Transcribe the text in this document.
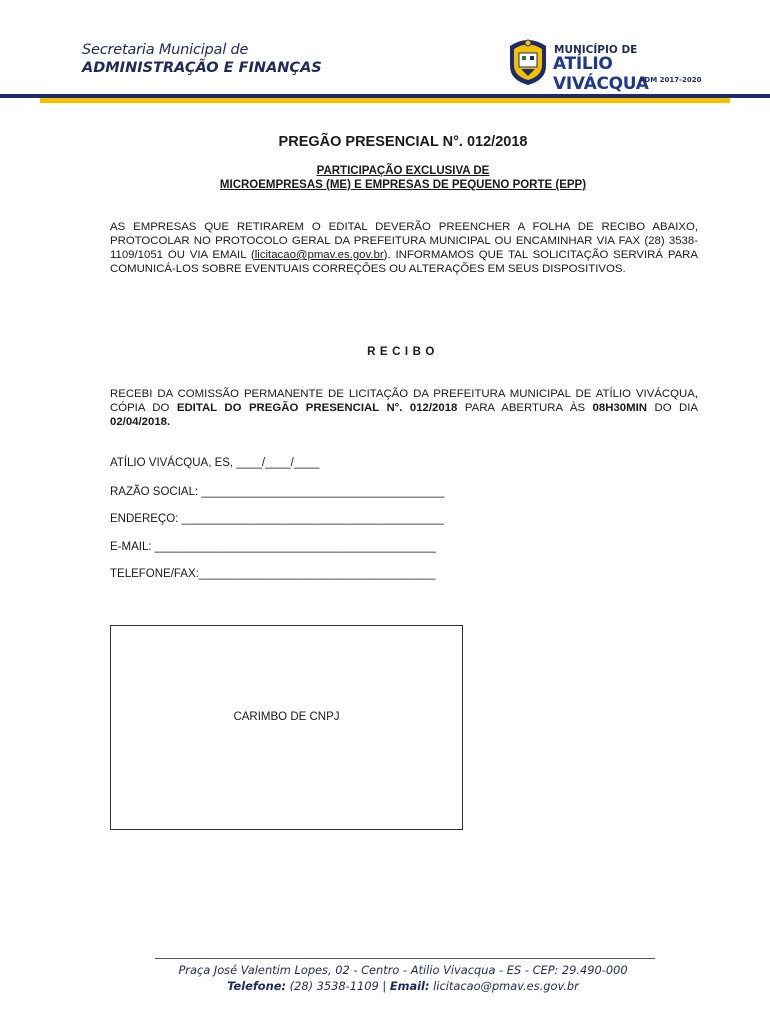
Secretaria Municipal de
ADMINISTRAÇÃO E FINANÇAS
MUNICÍPIO DE
ATÍLIO VIVÁCQUA
ADM 2017-2020
PREGÃO PRESENCIAL N°. 012/2018
PARTICIPAÇÃO EXCLUSIVA DE
MICROEMPRESAS (ME) E EMPRESAS DE PEQUENO PORTE (EPP)
AS EMPRESAS QUE RETIRAREM O EDITAL DEVERÃO PREENCHER A FOLHA DE RECIBO ABAIXO, PROTOCOLAR NO PROTOCOLO GERAL DA PREFEITURA MUNICIPAL OU ENCAMINHAR VIA FAX (28) 3538-1109/1051 OU VIA EMAIL (licitacao@pmav.es.gov.br). INFORMAMOS QUE TAL SOLICITAÇÃO SERVIRÁ PARA COMUNICÁ-LOS SOBRE EVENTUAIS CORREÇÕES OU ALTERAÇÕES EM SEUS DISPOSITIVOS.
RECIBO
RECEBI DA COMISSÃO PERMANENTE DE LICITAÇÃO DA PREFEITURA MUNICIPAL DE ATÍLIO VIVÁCQUA, CÓPIA DO EDITAL DO PREGÃO PRESENCIAL N°. 012/2018 PARA ABERTURA ÀS 08H30MIN DO DIA 02/04/2018.
ATÍLIO VIVÁCQUA, ES, ____/____/____
RAZÃO SOCIAL: ______________________________________
ENDEREÇO: _________________________________________
E-MAIL: ____________________________________________
TELEFONE/FAX:_____________________________________
CARIMBO DE CNPJ
Praça José Valentim Lopes, 02 - Centro - Atilio Vivacqua - ES - CEP: 29.490-000
Telefone: (28) 3538-1109 | Email: licitacao@pmav.es.gov.br
